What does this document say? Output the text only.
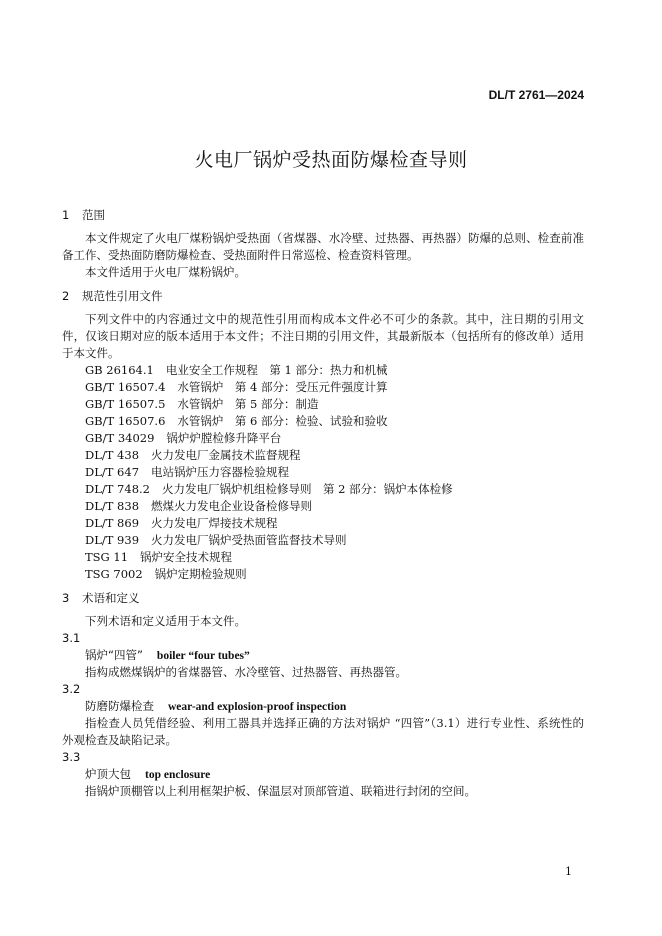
DL/T 2761—2024
火电厂锅炉受热面防爆检查导则
1 范围

本文件规定了火电厂煤粉锅炉受热面（省煤器、水冷壁、过热器、再热器）防爆的总则、检查前准备工作、受热面防磨防爆检查、受热面附件日常巡检、检查资料管理。

本文件适用于火电厂煤粉锅炉。

2 规范性引用文件

下列文件中的内容通过文中的规范性引用而构成本文件必不可少的条款。其中，注日期的引用文件，仅该日期对应的版本适用于本文件；不注日期的引用文件，其最新版本（包括所有的修改单）适用于本文件。

GB 26164.1 电业安全工作规程　第 1 部分：热力和机械
GB/T 16507.4 水管锅炉　第 4 部分：受压元件强度计算
GB/T 16507.5 水管锅炉　第 5 部分：制造
GB/T 16507.6 水管锅炉　第 6 部分：检验、试验和验收
GB/T 34029 锅炉炉膛检修升降平台
DL/T 438 火力发电厂金属技术监督规程
DL/T 647 电站锅炉压力容器检验规程
DL/T 748.2 火力发电厂锅炉机组检修导则　第 2 部分：锅炉本体检修
DL/T 838 燃煤火力发电企业设备检修导则
DL/T 869 火力发电厂焊接技术规程
DL/T 939 火力发电厂锅炉受热面管监督技术导则
TSG 11 锅炉安全技术规程
TSG 7002 锅炉定期检验规则
3 术语和定义

下列术语和定义适用于本文件。

3.1
锅炉“四管” boiler “four tubes”

指构成燃煤锅炉的省煤器管、水冷壁管、过热器管、再热器管。

3.2
防磨防爆检查 wear-and explosion-proof inspection

指检查人员凭借经验、利用工器具并选择正确的方法对锅炉 “四管”（3.1）进行专业性、系统性的外观检查及缺陷记录。

3.3
炉顶大包 top enclosure

指锅炉顶棚管以上利用框架护板、保温层对顶部管道、联箱进行封闭的空间。

1
